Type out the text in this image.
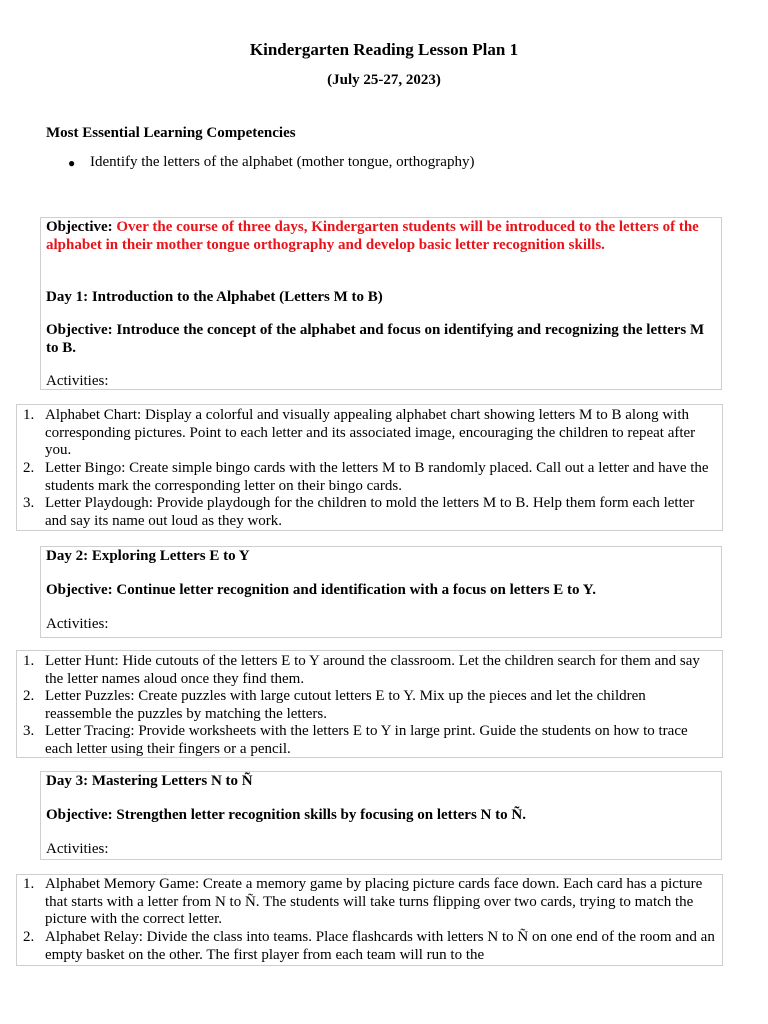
Kindergarten Reading Lesson Plan 1
(July 25-27, 2023)
Most Essential Learning Competencies
● Identify the letters of the alphabet (mother tongue, orthography)
Objective: Over the course of three days, Kindergarten students will be introduced to the letters of the alphabet in their mother tongue orthography and develop basic letter recognition skills.
Day 1: Introduction to the Alphabet (Letters M to B)
Objective: Introduce the concept of the alphabet and focus on identifying and recognizing the letters M to B.
Activities:
1. Alphabet Chart: Display a colorful and visually appealing alphabet chart showing letters M to B along with corresponding pictures. Point to each letter and its associated image, encouraging the children to repeat after you.
2. Letter Bingo: Create simple bingo cards with the letters M to B randomly placed. Call out a letter and have the students mark the corresponding letter on their bingo cards.
3. Letter Playdough: Provide playdough for the children to mold the letters M to B. Help them form each letter and say its name out loud as they work.
Day 2: Exploring Letters E to Y
Objective: Continue letter recognition and identification with a focus on letters E to Y.
Activities:
1. Letter Hunt: Hide cutouts of the letters E to Y around the classroom. Let the children search for them and say the letter names aloud once they find them.
2. Letter Puzzles: Create puzzles with large cutout letters E to Y. Mix up the pieces and let the children reassemble the puzzles by matching the letters.
3. Letter Tracing: Provide worksheets with the letters E to Y in large print. Guide the students on how to trace each letter using their fingers or a pencil.
Day 3: Mastering Letters N to Ñ
Objective: Strengthen letter recognition skills by focusing on letters N to Ñ.
Activities:
1. Alphabet Memory Game: Create a memory game by placing picture cards face down. Each card has a picture that starts with a letter from N to Ñ. The students will take turns flipping over two cards, trying to match the picture with the correct letter.
2. Alphabet Relay: Divide the class into teams. Place flashcards with letters N to Ñ on one end of the room and an empty basket on the other. The first player from each team will run to the
